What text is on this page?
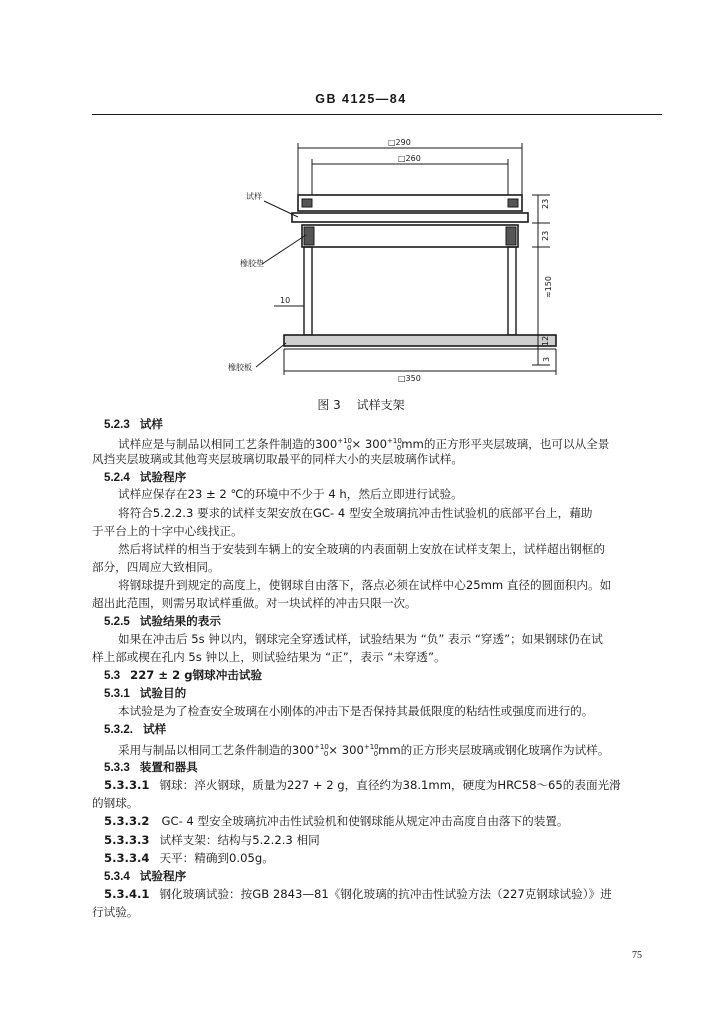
GB 4125—84
□290
□260
试样
橡胶垫
10
橡胶板
□350
23
23
≈150
12
3
图 3 试样支架
5.2.3 试样
试样应是与制品以相同工艺条件制造的$300^{+10}_0\times 300^{+10}_0mm$的正方形平夹层玻璃，也可以从全景
风挡夹层玻璃或其他弯夹层玻璃切取最平的同样大小的夹层玻璃作试样。
5.2.4 试验程序
试样应保存在23 ± 2 ℃的环境中不少于 4 h，然后立即进行试验。
将符合5.2.2.3 要求的试样支架安放在GC- 4 型安全玻璃抗冲击性试验机的底部平台上，藉助
于平台上的十字中心线找正。
然后将试样的相当于安装到车辆上的安全玻璃的内表面朝上安放在试样支架上，试样超出钢框的
部分，四周应大致相同。
将钢球提升到规定的高度上，使钢球自由落下，落点必须在试样中心25mm 直径的圆面积内。如
超出此范围，则需另取试样重做。对一块试样的冲击只限一次。
5.2.5 试验结果的表示
如果在冲击后 5s 钟以内，钢球完全穿透试样，试验结果为 “负” 表示 “穿透”；如果钢球仍在试
样上部或楔在孔内 5s 钟以上，则试验结果为 “正”，表示 “未穿透”。
5.3 227 ± 2 g钢球冲击试验
5.3.1 试验目的
本试验是为了检查安全玻璃在小刚体的冲击下是否保持其最低限度的粘结性或强度而进行的。
5.3.2. 试样
采用与制品以相同工艺条件制造的$300^{+10}_0\times 300^{+10}_0mm$的正方形夹层玻璃或钢化玻璃作为试样。
5.3.3 装置和器具
5.3.3.1 钢球：淬火钢球，质量为227 + 2 g，直径约为38.1mm，硬度为HRC58～65的表面光滑
的钢球。
5.3.3.2 GC- 4 型安全玻璃抗冲击性试验机和使钢球能从规定冲击高度自由落下的装置。
5.3.3.3 试样支架：结构与5.2.2.3 相同
5.3.3.4 天平：精确到0.05g。
5.3.4 试验程序
5.3.4.1 钢化玻璃试验：按GB 2843—81《钢化玻璃的抗冲击性试验方法（227克钢球试验）》进
行试验。
75
